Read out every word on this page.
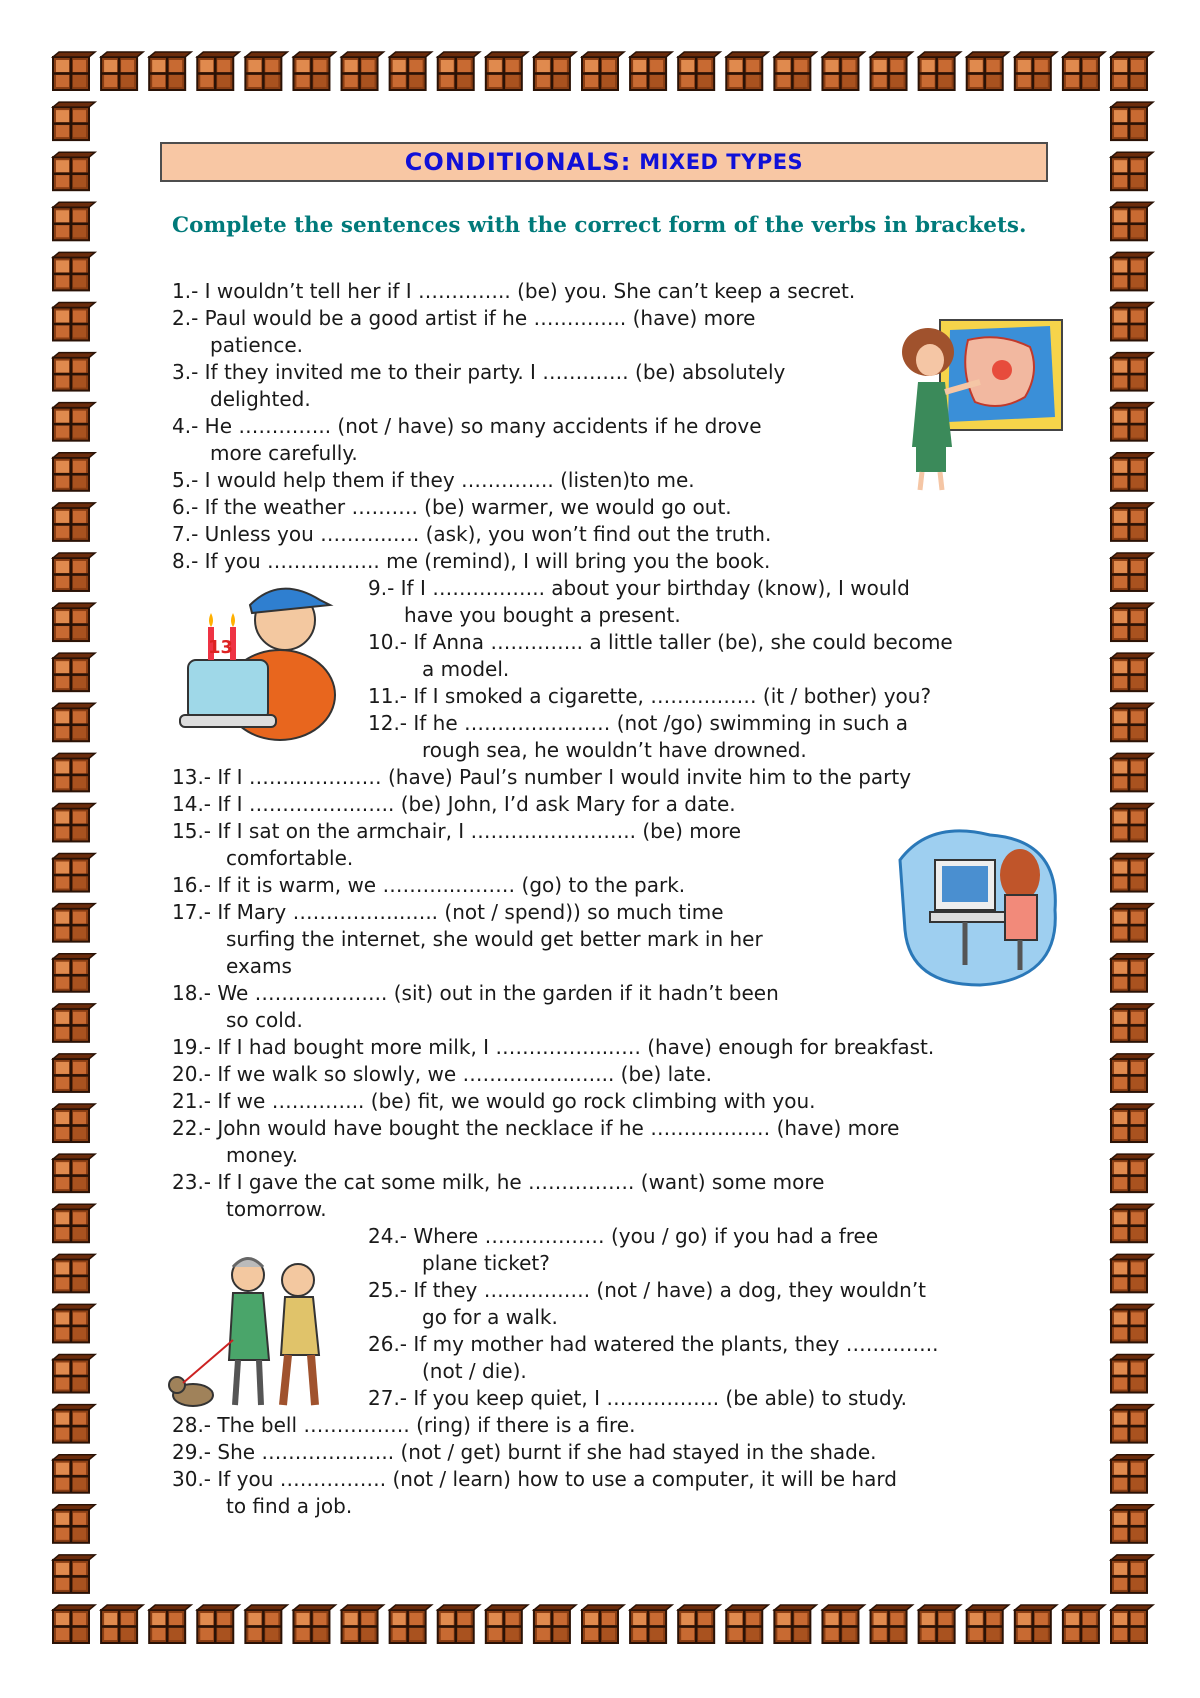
CONDITIONALS: MIXED TYPES
Complete the sentences with the correct form of the verbs in brackets.
13
1.- I wouldn’t tell her if I ………….. (be) you. She can’t keep a secret.
2.- Paul would be a good artist if he ………….. (have) more
patience.
3.- If they invited me to their party. I …………. (be) absolutely
delighted.
4.- He ………….. (not / have) so many accidents if he drove
more carefully.
5.- I would help them if they ………….. (listen)to me.
6.- If the weather ………. (be) warmer, we would go out.
7.- Unless you ………..…. (ask), you won’t find out the truth.
8.- If you …………….. me (remind), I will bring you the book.
9.- If I …………….. about your birthday (know), I would
have you bought a present.
10.- If Anna ………….. a little taller (be), she could become
a model.
11.- If I smoked a cigarette, ……….…… (it / bother) you?
12.- If he ………….……… (not /go) swimming in such a
rough sea, he wouldn’t have drowned.
13.- If I ……..………… (have) Paul’s number I would invite him to the party
14.- If I ……………..….. (be) John, I’d ask Mary for a date.
15.- If I sat on the armchair, I ………..………….. (be) more
comfortable.
16.- If it is warm, we ………..……… (go) to the park.
17.- If Mary ……………..….. (not / spend)) so much time
surfing the internet, she would get better mark in her
exams
18.- We ……………….. (sit) out in the garden if it hadn’t been
so cold.
19.- If I had bought more milk, I ……………...…. (have) enough for breakfast.
20.- If we walk so slowly, we ……………..…... (be) late.
21.- If we ………….. (be) fit, we would go rock climbing with you.
22.- John would have bought the necklace if he ……………… (have) more
money.
23.- If I gave the cat some milk, he ……………. (want) some more
tomorrow.
24.- Where ……………… (you / go) if you had a free
plane ticket?
25.- If they ……………. (not / have) a dog, they wouldn’t
go for a walk.
26.- If my mother had watered the plants, they …………..
(not / die).
27.- If you keep quiet, I …………….. (be able) to study.
28.- The bell ……………. (ring) if there is a fire.
29.- She ……………….. (not / get) burnt if she had stayed in the shade.
30.- If you ……………. (not / learn) how to use a computer, it will be hard
to find a job.
